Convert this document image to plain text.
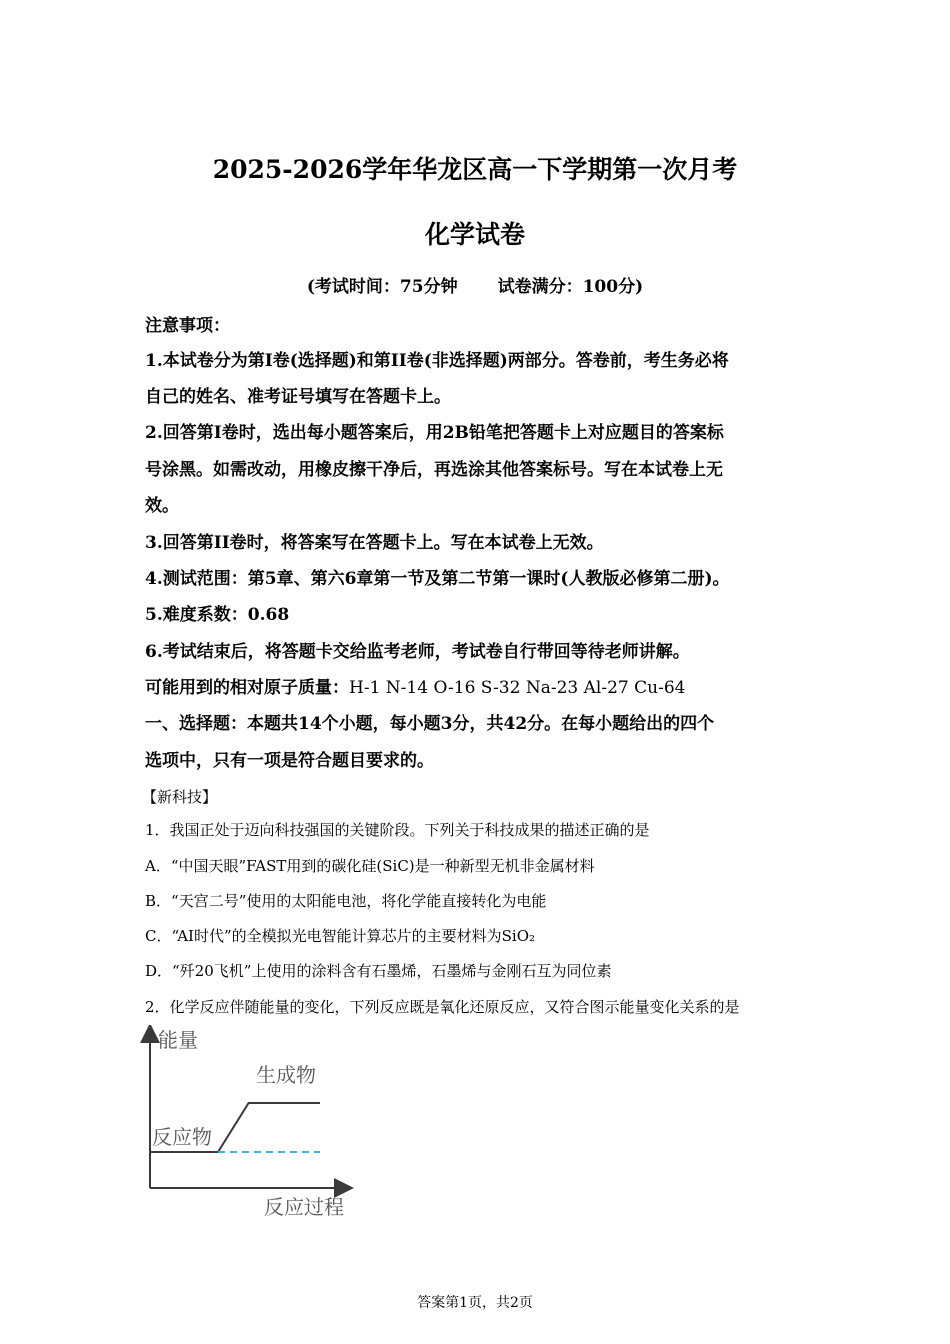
2025-2026学年华龙区高一下学期第一次月考
化学试卷
(考试时间：75分钟 试卷满分：100分)
注意事项：
1.本试卷分为第I卷(选择题)和第II卷(非选择题)两部分。答卷前，考生务必将
自己的姓名、准考证号填写在答题卡上。
2.回答第I卷时，选出每小题答案后，用2B铅笔把答题卡上对应题目的答案标
号涂黑。如需改动，用橡皮擦干净后，再选涂其他答案标号。写在本试卷上无
效。
3.回答第II卷时，将答案写在答题卡上。写在本试卷上无效。
4.测试范围：第5章、第六6章第一节及第二节第一课时(人教版必修第二册)。
5.难度系数：0.68
6.考试结束后，将答题卡交给监考老师，考试卷自行带回等待老师讲解。
可能用到的相对原子质量：H-1 N-14 O-16 S-32 Na-23 Al-27 Cu-64
一、选择题：本题共14个小题，每小题3分，共42分。在每小题给出的四个
选项中，只有一项是符合题目要求的。
【新科技】
1．我国正处于迈向科技强国的关键阶段。下列关于科技成果的描述正确的是
A．“中国天眼”FAST用到的碳化硅(SiC)是一种新型无机非金属材料
B．“天宫二号”使用的太阳能电池，将化学能直接转化为电能
C．“AI时代”的全模拟光电智能计算芯片的主要材料为SiO₂
D．“歼20飞机”上使用的涂料含有石墨烯，石墨烯与金刚石互为同位素
2．化学反应伴随能量的变化，下列反应既是氧化还原反应，又符合图示能量变化关系的是
能量
生成物
反应物
反应过程
答案第1页，共2页
